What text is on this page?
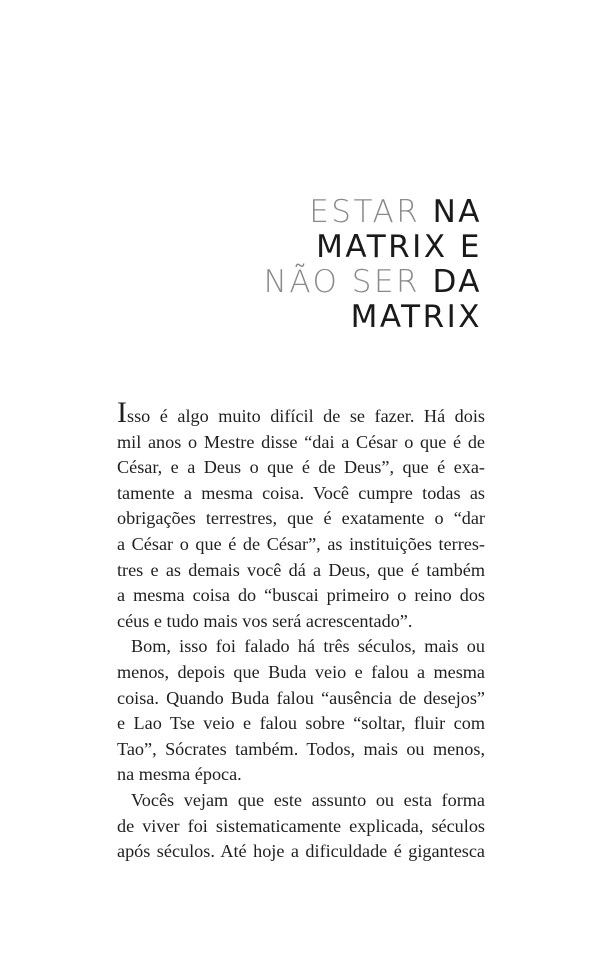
ESTAR NA
MATRIX E
NÃO SER DA
MATRIX

Isso é algo muito difícil de se fazer. Há dois
mil anos o Mestre disse “dai a César o que é de
César, e a Deus o que é de Deus”, que é exa-
tamente a mesma coisa. Você cumpre todas as
obrigações terrestres, que é exatamente o “dar
a César o que é de César”, as instituições terres-
tres e as demais você dá a Deus, que é também
a mesma coisa do “buscai primeiro o reino dos
céus e tudo mais vos será acrescentado”.

Bom, isso foi falado há três séculos, mais ou
menos, depois que Buda veio e falou a mesma
coisa. Quando Buda falou “ausência de desejos”
e Lao Tse veio e falou sobre “soltar, fluir com
Tao”, Sócrates também. Todos, mais ou menos,
na mesma época.

Vocês vejam que este assunto ou esta forma
de viver foi sistematicamente explicada, séculos
após séculos. Até hoje a dificuldade é gigantesca
